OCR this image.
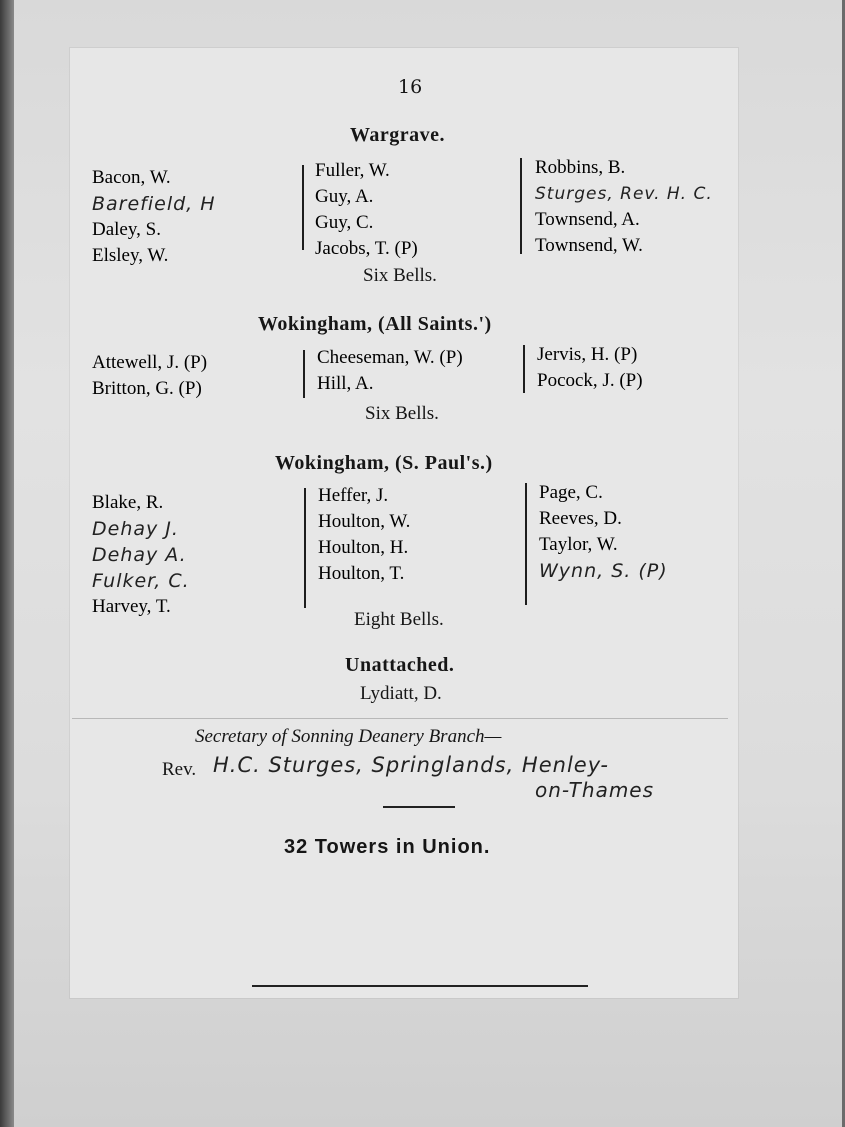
16
Wargrave.
Bacon, W.
Barefield, H
Daley, S.
Elsley, W.
Fuller, W.
Guy, A.
Guy, C.
Jacobs, T. (P)
Robbins, B.
Sturges, Rev. H. C.
Townsend, A.
Townsend, W.
Six Bells.
Wokingham, (All Saints.')
Attewell, J. (P)
Britton, G. (P)
Cheeseman, W. (P)
Hill, A.
Jervis, H. (P)
Pocock, J. (P)
Six Bells.
Wokingham, (S. Paul's.)
Blake, R.
Dehay J.
Dehay A.
Fulker, C.
Harvey, T.
Heffer, J.
Houlton, W.
Houlton, H.
Houlton, T.
Page, C.
Reeves, D.
Taylor, W.
Wynn, S. (P)
Eight Bells.
Unattached.
Lydiatt, D.
Secretary of Sonning Deanery Branch—
Rev. H.C. Sturges, Springlands, Henley-
on-Thames
32 Towers in Union.
